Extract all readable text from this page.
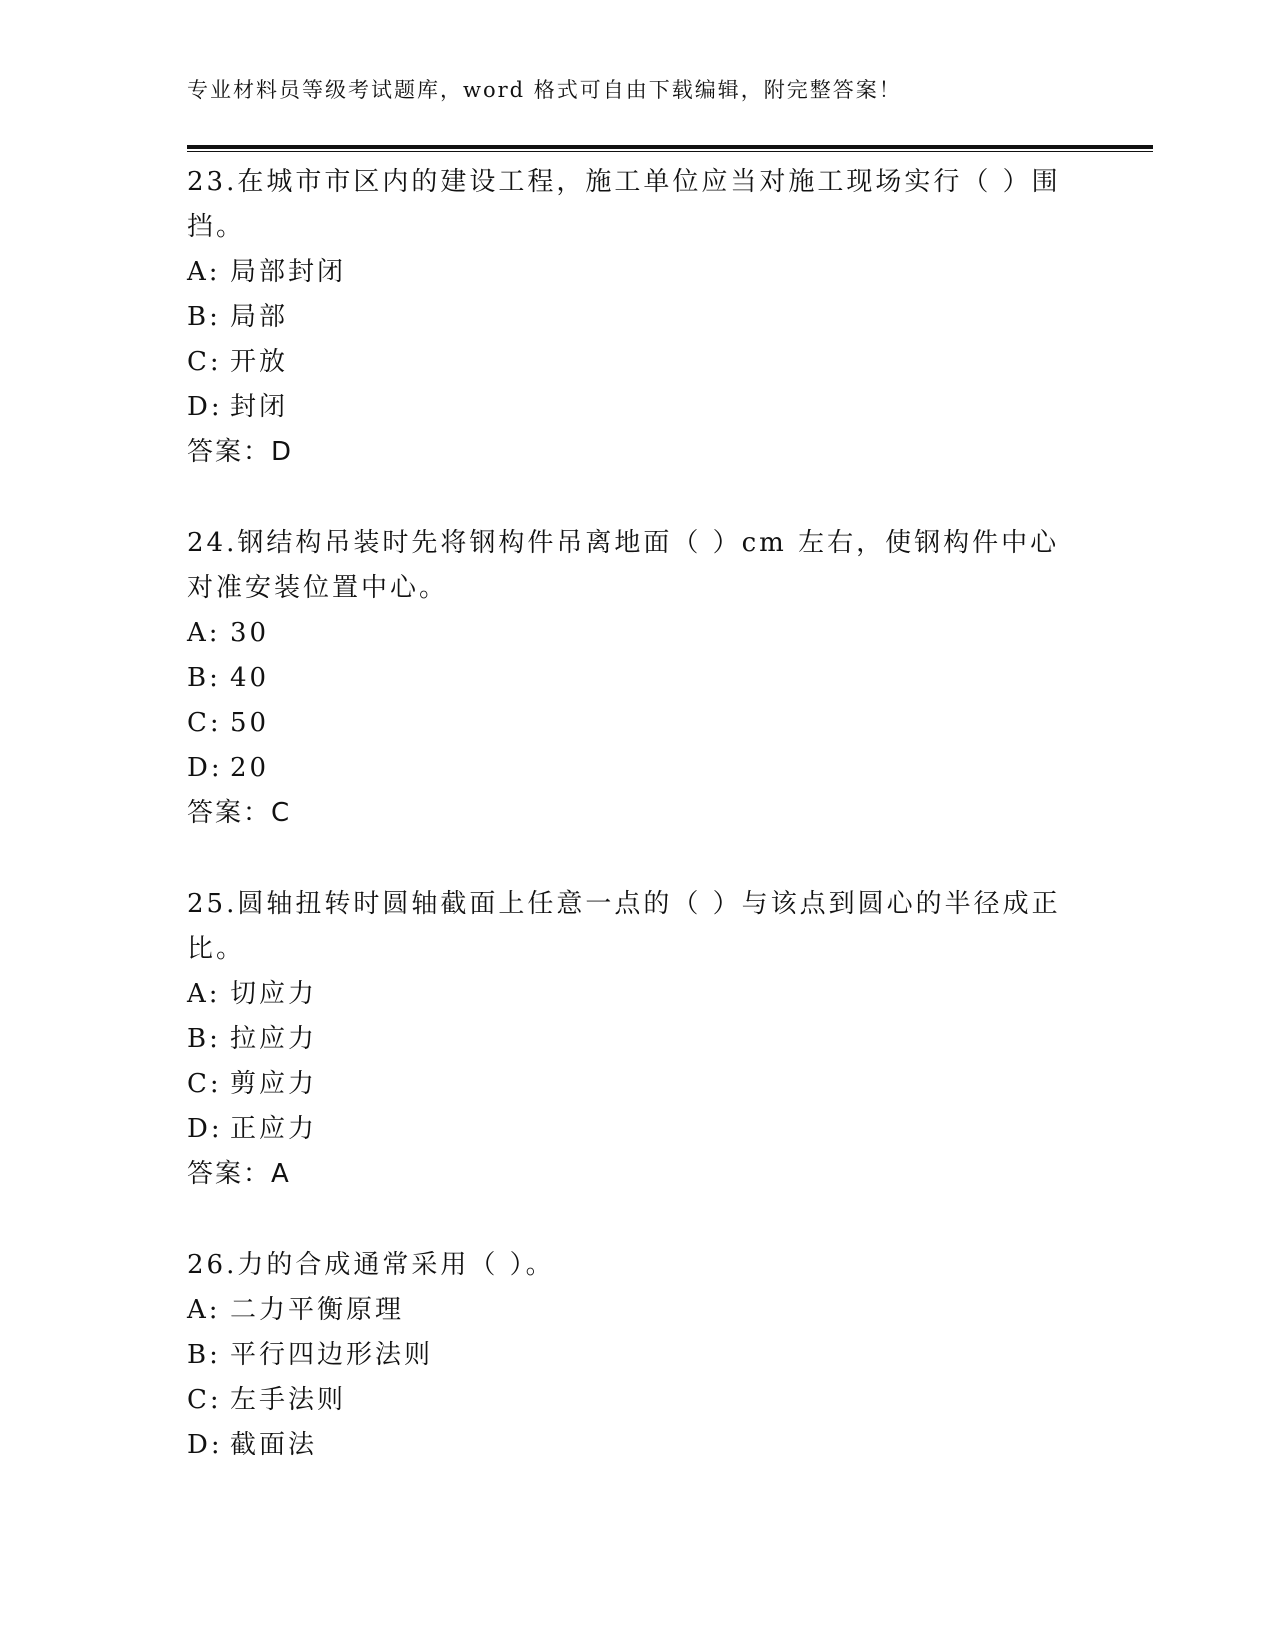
专业材料员等级考试题库，word 格式可自由下载编辑，附完整答案！

23.在城市市区内的建设工程，施工单位应当对施工现场实行（ ）围挡。

A: 局部封闭

B: 局部

C: 开放

D: 封闭

答案：D

24.钢结构吊装时先将钢构件吊离地面（ ）cm 左右，使钢构件中心对准安装位置中心。

A: 30

B: 40

C: 50

D: 20

答案：C

25.圆轴扭转时圆轴截面上任意一点的（ ）与该点到圆心的半径成正比。

A: 切应力

B: 拉应力

C: 剪应力

D: 正应力

答案：A

26.力的合成通常采用（ ）。

A: 二力平衡原理

B: 平行四边形法则

C: 左手法则

D: 截面法
